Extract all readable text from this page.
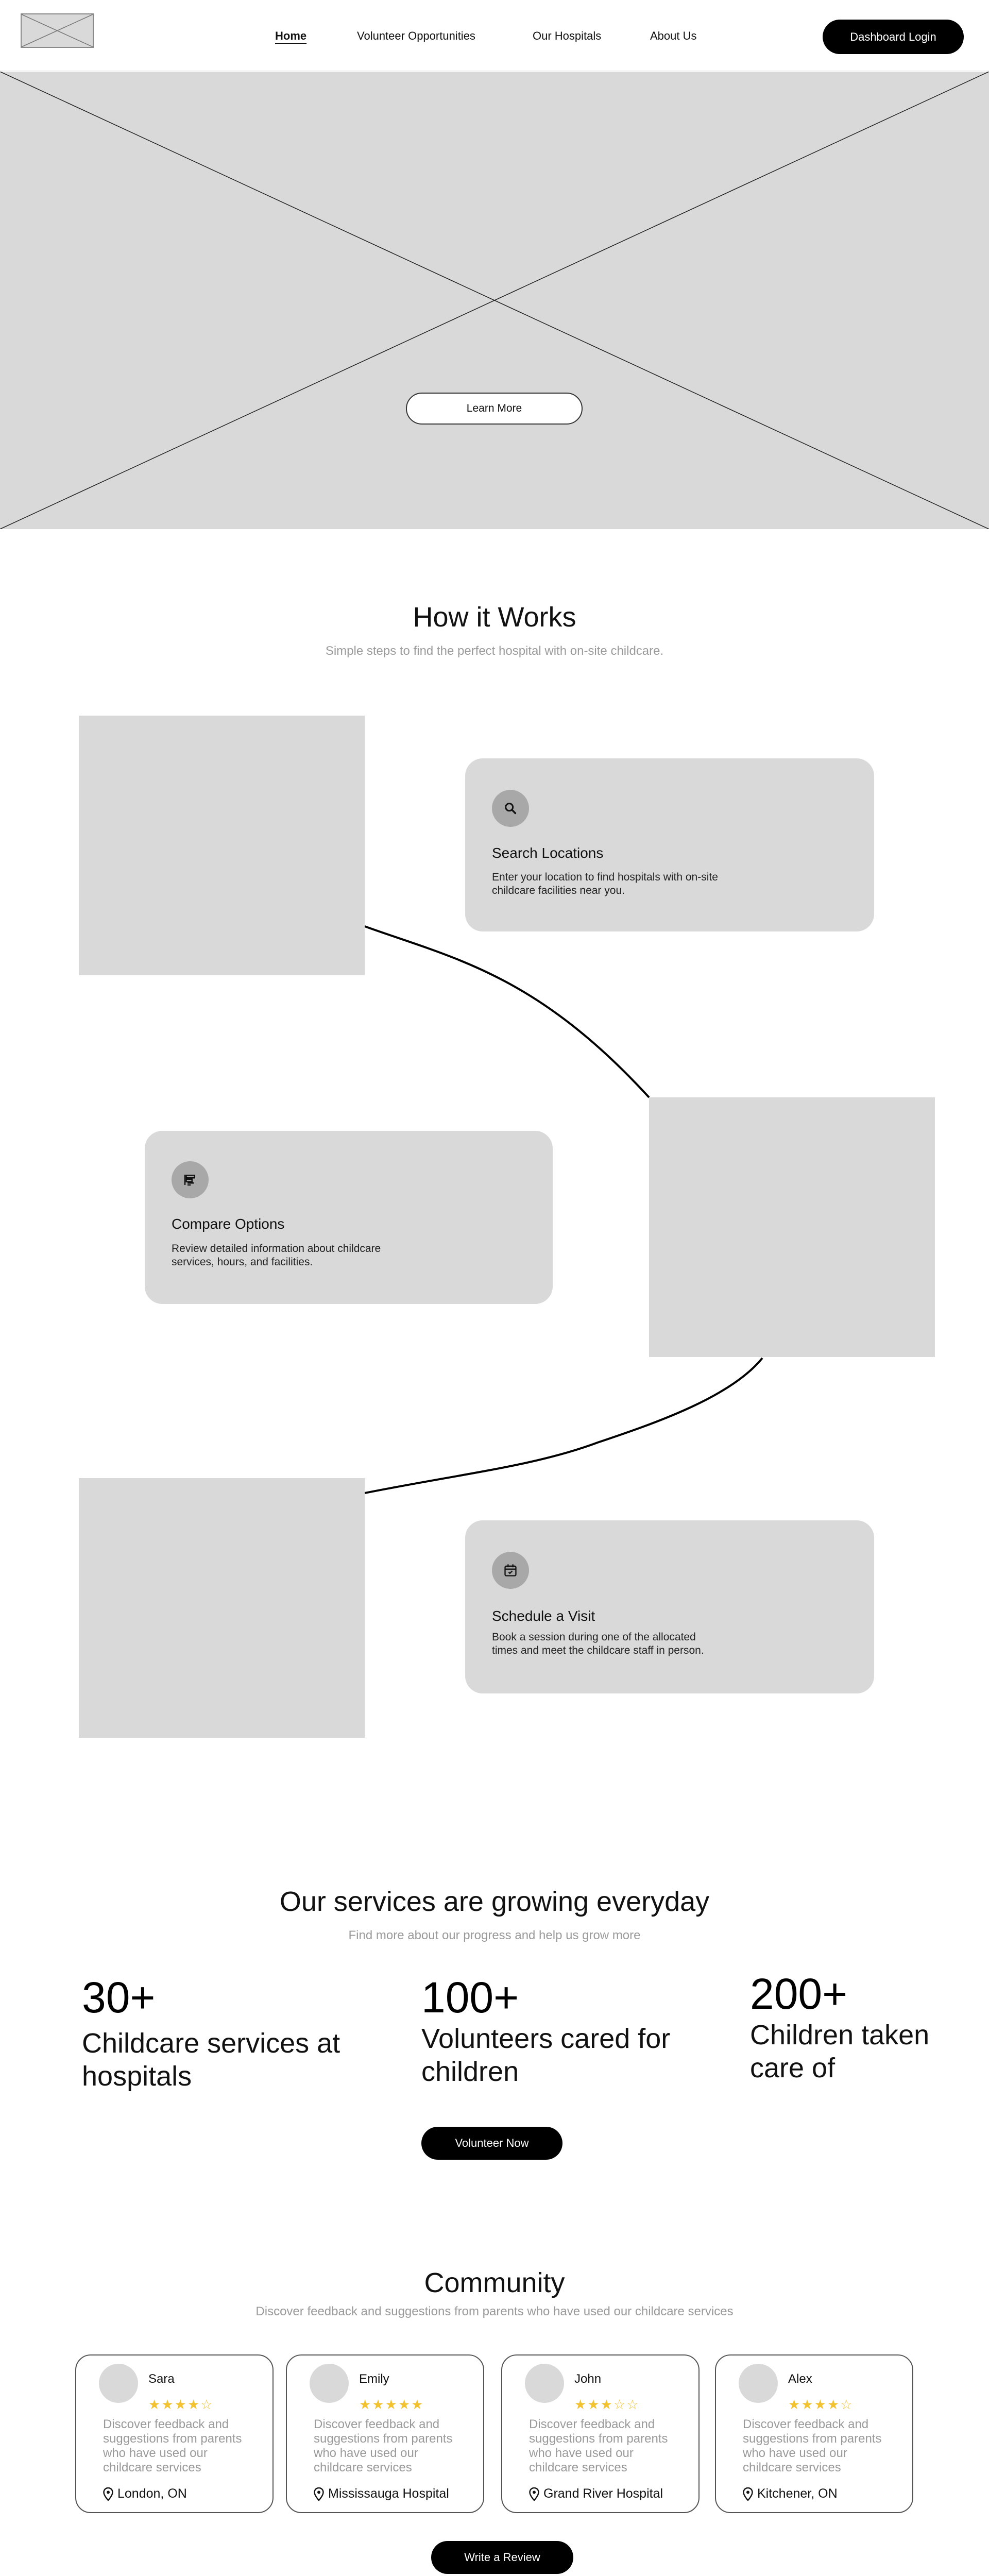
Home	Volunteer Opportunities	Our Hospitals	About Us	Dashboard Login
Learn More
How it Works
Simple steps to find the perfect hospital with on-site childcare.
Search Locations
Enter your location to find hospitals with on-site childcare facilities near you.
Compare Options
Review detailed information about childcare services, hours, and facilities.
Schedule a Visit
Book a session during one of the allocated times and meet the childcare staff in person.
Our services are growing everyday
Find more about our progress and help us grow more
30+
Childcare services at hospitals
100+
Volunteers cared for children
200+
Children taken care of
Volunteer Now
Community
Discover feedback and suggestions from parents who have used our childcare services
Sara
★★★★☆
Discover feedback and suggestions from parents who have used our childcare services
London, ON
Emily
★★★★★
Discover feedback and suggestions from parents who have used our childcare services
Mississauga Hospital
John
★★★☆☆
Discover feedback and suggestions from parents who have used our childcare services
Grand River Hospital
Alex
★★★★☆
Discover feedback and suggestions from parents who have used our childcare services
Kitchener, ON
Write a Review
